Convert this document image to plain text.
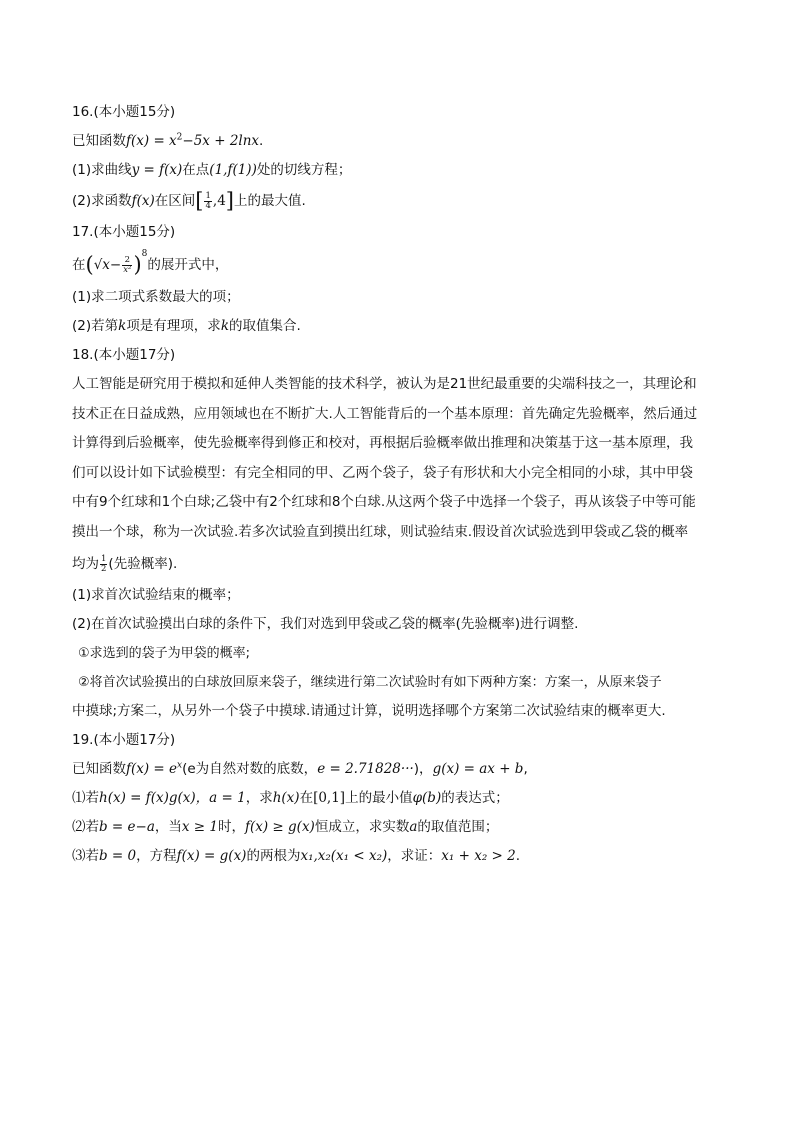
16.(本小题15分)
已知函数$f(x) = x^2-5x + 2\ln x$.
(1)求曲线y = f(x)在点(1,f(1))处的切线方程；
(2)求函数f(x)在区间[ $\frac{1}{4} ,4$]上的最大值.
17.(本小题15分)
在$(√x- \frac{2}{\text{x²}} )^8$的展开式中，
(1)求二项式系数最大的项；
(2)若第k项是有理项，求k的取值集合.
18.(本小题17分)
人工智能是研究用于模拟和延伸人类智能的技术科学，被认为是21世纪最重要的尖端科技之一，其理论和
技术正在日益成熟，应用领域也在不断扩大.人工智能背后的一个基本原理：首先确定先验概率，然后通过
计算得到后验概率，使先验概率得到修正和校对，再根据后验概率做出推理和决策基于这一基本原理，我
们可以设计如下试验模型：有完全相同的甲、乙两个袋子，袋子有形状和大小完全相同的小球，其中甲袋
中有9个红球和1个白球;乙袋中有2个红球和8个白球.从这两个袋子中选择一个袋子，再从该袋子中等可能
摸出一个球，称为一次试验.若多次试验直到摸出红球，则试验结束.假设首次试验选到甲袋或乙袋的概率
均为 $\frac{1}{2}$ (先验概率).
(1)求首次试验结束的概率；
(2)在首次试验摸出白球的条件下，我们对选到甲袋或乙袋的概率(先验概率)进行调整.
①求选到的袋子为甲袋的概率;
②将首次试验摸出的白球放回原来袋子，继续进行第二次试验时有如下两种方案：方案一，从原来袋子
中摸球;方案二，从另外一个袋子中摸球.请通过计算，说明选择哪个方案第二次试验结束的概率更大.
19.(本小题17分)
已知函数$f(x) = e^x(e$为自然对数的底数，e = 2.71828···)，g(x) = ax + b,
⑴若h(x) = f(x)g(x)，a = 1，求h(x)在[0,1]上的最小值φ(b)的表达式；
⑵若b = e−a，当x ≥ 1时，f(x) ≥ g(x)恒成立，求实数a的取值范围；
⑶若b = 0，方程f(x) = g(x)的两根为x₁,x₂(x₁ < x₂)，求证：x₁ + x₂ > 2.
